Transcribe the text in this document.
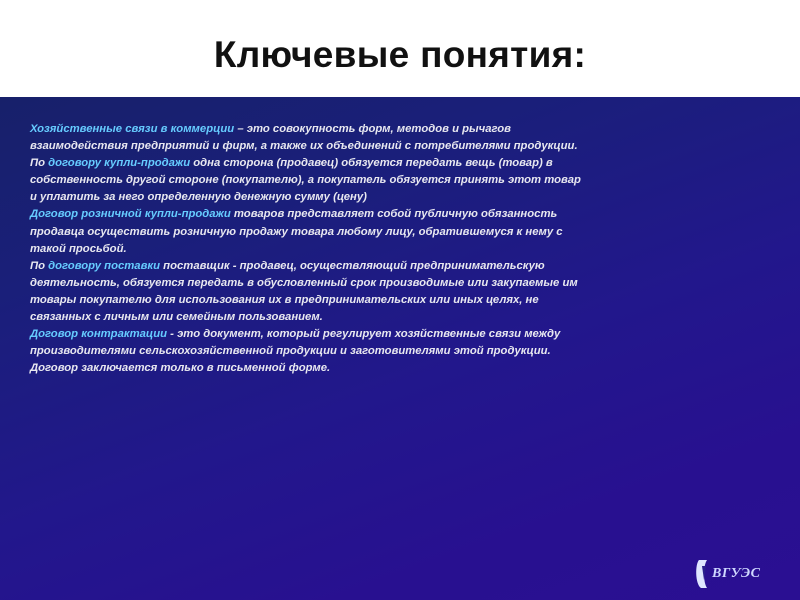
Ключевые понятия:

Хозяйственные связи в коммерции – это совокупность форм, методов и рычагов взаимодействия предприятий и фирм, а также их объединений с потребителями продукции.

По договору купли-продажи одна сторона (продавец) обязуется передать вещь (товар) в собственность другой стороне (покупателю), а покупатель обязуется принять этот товар и уплатить за него определенную денежную сумму (цену)

Договор розничной купли-продажи товаров представляет собой публичную обязанность продавца осуществить розничную продажу товара любому лицу, обратившемуся к нему с такой просьбой.

По договору поставки поставщик - продавец, осуществляющий предпринимательскую деятельность, обязуется передать в обусловленный срок производимые или закупаемые им товары покупателю для использования их в предпринимательских или иных целях, не связанных с личным или семейным пользованием.

Договор контрактации - это документ, который регулирует хозяйственные связи между производителями сельскохозяйственной продукции и заготовителями этой продукции. Договор заключается только в письменной форме.

ВГУЭС
